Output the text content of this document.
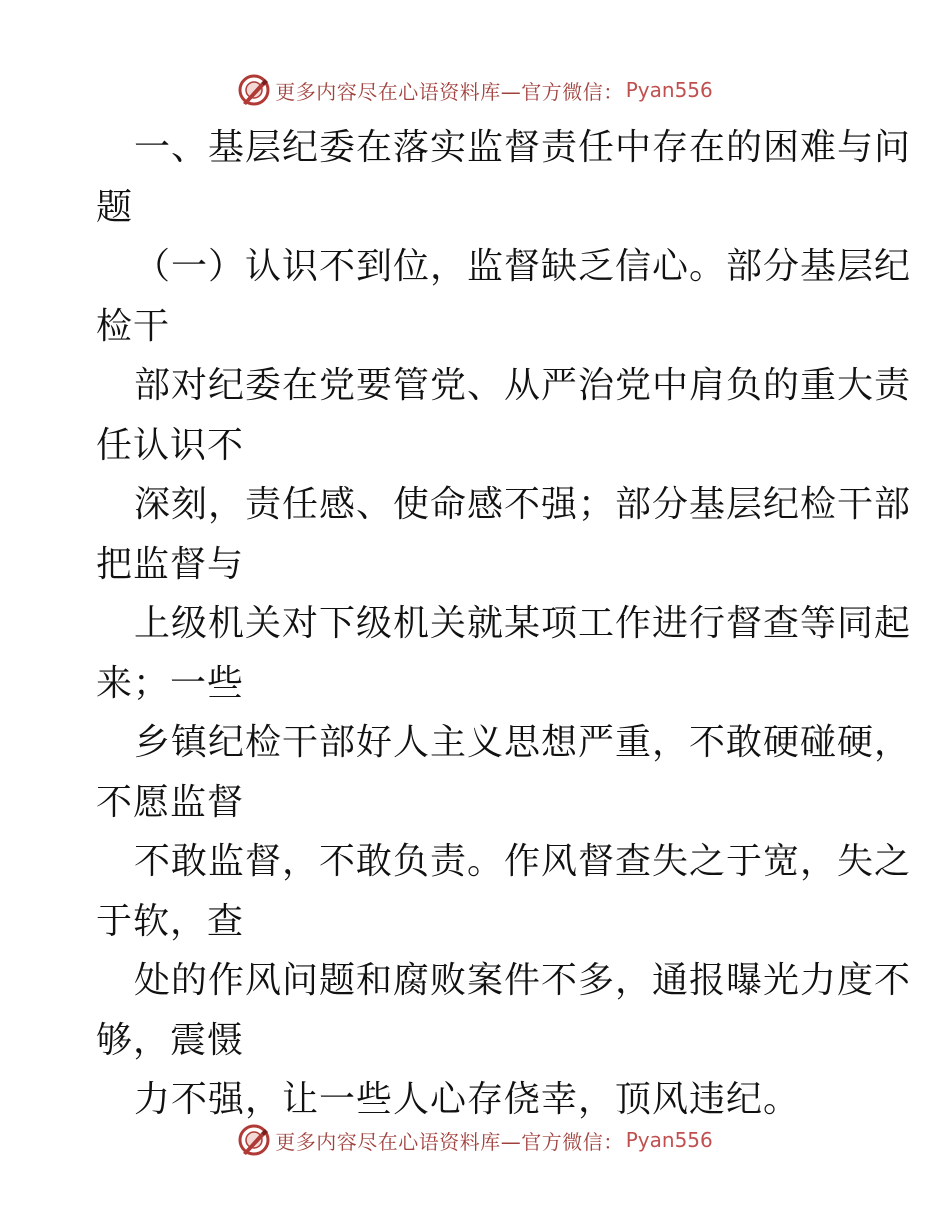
更多内容尽在心语资料库—官方微信： Pyan556
一、基层纪委在落实监督责任中存在的困难与问
题
（一）认识不到位，监督缺乏信心。部分基层纪
检干
部对纪委在党要管党、从严治党中肩负的重大责
任认识不
深刻，责任感、使命感不强；部分基层纪检干部
把监督与
上级机关对下级机关就某项工作进行督查等同起
来；一些
乡镇纪检干部好人主义思想严重，不敢硬碰硬，
不愿监督
不敢监督，不敢负责。作风督查失之于宽，失之
于软，查
处的作风问题和腐败案件不多，通报曝光力度不
够，震慑
力不强，让一些人心存侥幸，顶风违纪。
更多内容尽在心语资料库—官方微信： Pyan556
